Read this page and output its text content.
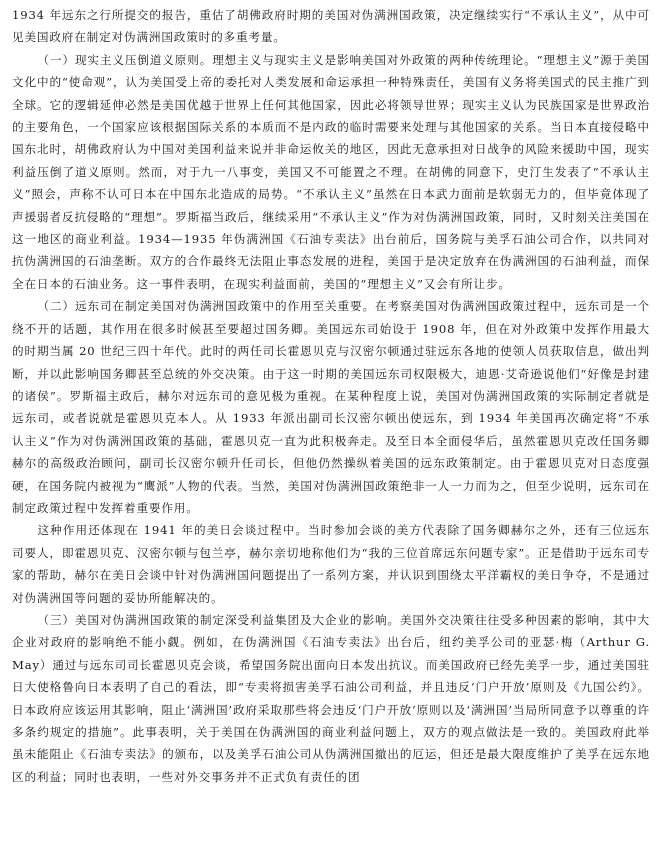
1934 年远东之行所提交的报告，重估了胡佛政府时期的美国对伪满洲国政策，决定继续实行“不承认主义”，从中可见美国政府在制定对伪满洲国政策时的多重考量。

（一）现实主义压倒道义原则。理想主义与现实主义是影响美国对外政策的两种传统理论。“理想主义”源于美国文化中的“使命观”，认为美国受上帝的委托对人类发展和命运承担一种特殊责任，美国有义务将美国式的民主推广到全球。它的逻辑延伸必然是美国优越于世界上任何其他国家，因此必将领导世界；现实主义认为民族国家是世界政治的主要角色，一个国家应该根据国际关系的本质而不是内政的临时需要来处理与其他国家的关系。当日本直接侵略中国东北时，胡佛政府认为中国对美国利益来说并非命运攸关的地区，因此无意承担对日战争的风险来援助中国，现实利益压倒了道义原则。然而，对于九一八事变，美国又不可能置之不理。在胡佛的同意下，史汀生发表了“不承认主义”照会，声称不认可日本在中国东北造成的局势。“不承认主义”虽然在日本武力面前是软弱无力的，但毕竟体现了声援弱者反抗侵略的“理想”。罗斯福当政后，继续采用“不承认主义”作为对伪满洲国政策，同时，又时刻关注美国在这一地区的商业利益。1934—1935 年伪满洲国《石油专卖法》出台前后，国务院与美孚石油公司合作，以共同对抗伪满洲国的石油垄断。双方的合作最终无法阻止事态发展的进程，美国于是决定放弃在伪满洲国的石油利益，而保全在日本的石油业务。这一事件表明，在现实利益面前，美国的“理想主义”又会有所让步。

（二）远东司在制定美国对伪满洲国政策中的作用至关重要。在考察美国对伪满洲国政策过程中，远东司是一个绕不开的话题，其作用在很多时候甚至要超过国务卿。美国远东司始设于 1908 年，但在对外政策中发挥作用最大的时期当属 20 世纪三四十年代。此时的两任司长霍恩贝克与汉密尔顿通过驻远东各地的使领人员获取信息，做出判断，并以此影响国务卿甚至总统的外交决策。由于这一时期的美国远东司权限极大，迪恩·艾奇逊说他们“好像是封建的诸侯”。罗斯福主政后，赫尔对远东司的意见极为重视。在某种程度上说，美国对伪满洲国政策的实际制定者就是远东司，或者说就是霍恩贝克本人。从 1933 年派出副司长汉密尔顿出使远东，到 1934 年美国再次确定将“不承认主义”作为对伪满洲国政策的基础，霍恩贝克一直为此积极奔走。及至日本全面侵华后，虽然霍恩贝克改任国务卿赫尔的高级政治顾问，副司长汉密尔顿升任司长，但他仍然操纵着美国的远东政策制定。由于霍恩贝克对日态度强硬，在国务院内被视为“鹰派”人物的代表。当然，美国对伪满洲国政策绝非一人一力而为之，但至少说明，远东司在制定政策过程中发挥着重要作用。

这种作用还体现在 1941 年的美日会谈过程中。当时参加会谈的美方代表除了国务卿赫尔之外，还有三位远东司要人，即霍恩贝克、汉密尔顿与包兰亭，赫尔亲切地称他们为“我的三位首席远东问题专家”。正是借助于远东司专家的帮助，赫尔在美日会谈中针对伪满洲国问题提出了一系列方案，并认识到围绕太平洋霸权的美日争夺，不是通过对伪满洲国等问题的妥协所能解决的。

（三）美国对伪满洲国政策的制定深受利益集团及大企业的影响。美国外交决策往往受多种因素的影响，其中大企业对政府的影响绝不能小觑。例如，在伪满洲国《石油专卖法》出台后，纽约美孚公司的亚瑟·梅（Arthur G. May）通过与远东司司长霍恩贝克会谈，希望国务院出面向日本发出抗议。而美国政府已经先美孚一步，通过美国驻日大使格鲁向日本表明了自己的看法，即“专卖将损害美孚石油公司利益，并且违反‘门户开放’原则及《九国公约》。日本政府应该运用其影响，阻止‘满洲国’政府采取那些将会违反‘门户开放’原则以及‘满洲国’当局所同意予以尊重的许多条约规定的措施”。此事表明，关于美国在伪满洲国的商业利益问题上，双方的观点做法是一致的。美国政府此举虽未能阻止《石油专卖法》的颁布，以及美孚石油公司从伪满洲国撤出的厄运，但还是最大限度维护了美孚在远东地区的利益；同时也表明，一些对外交事务并不正式负有责任的团
